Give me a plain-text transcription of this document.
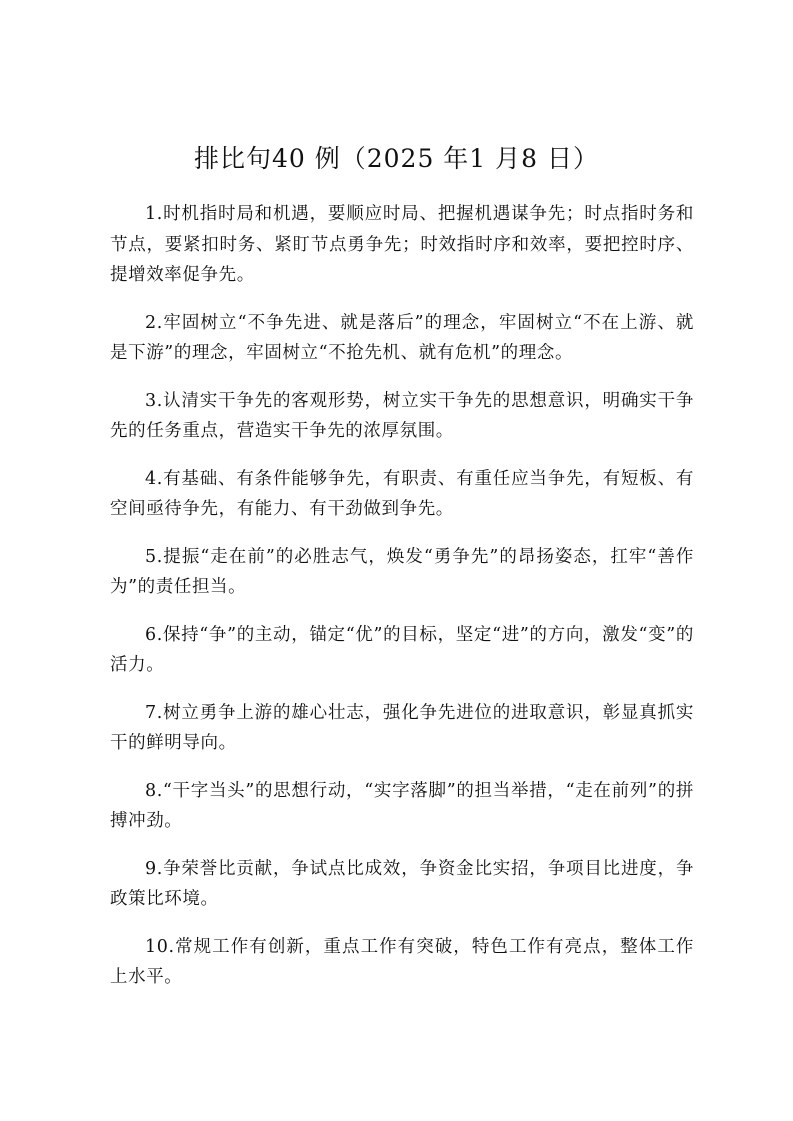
排比句40 例（2025 年1 月8 日）
1.时机指时局和机遇，要顺应时局、把握机遇谋争先；时点指时务和节点，要紧扣时务、紧盯节点勇争先；时效指时序和效率，要把控时序、提增效率促争先。
2.牢固树立“不争先进、就是落后”的理念，牢固树立“不在上游、就是下游”的理念，牢固树立“不抢先机、就有危机”的理念。
3.认清实干争先的客观形势，树立实干争先的思想意识，明确实干争先的任务重点，营造实干争先的浓厚氛围。
4.有基础、有条件能够争先，有职责、有重任应当争先，有短板、有空间亟待争先，有能力、有干劲做到争先。
5.提振“走在前”的必胜志气，焕发“勇争先”的昂扬姿态，扛牢“善作为”的责任担当。
6.保持“争”的主动，锚定“优”的目标，坚定“进”的方向，激发“变”的活力。
7.树立勇争上游的雄心壮志，强化争先进位的进取意识，彰显真抓实干的鲜明导向。
8.“干字当头”的思想行动，“实字落脚”的担当举措，“走在前列”的拼搏冲劲。
9.争荣誉比贡献，争试点比成效，争资金比实招，争项目比进度，争政策比环境。
10.常规工作有创新，重点工作有突破，特色工作有亮点，整体工作上水平。
